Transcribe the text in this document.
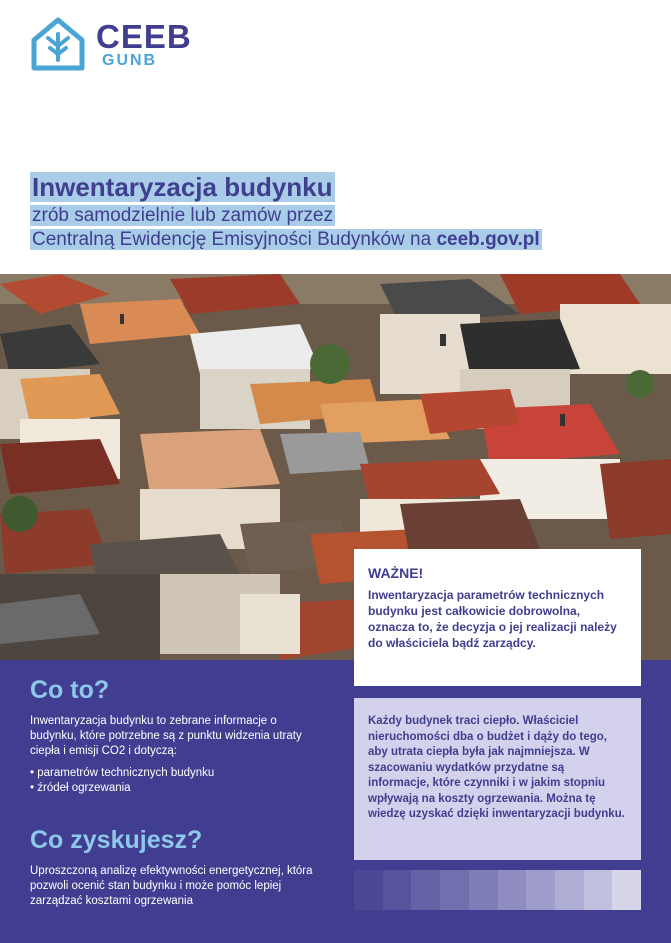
CEEB
GUNB
Inwentaryzacja budynku
zrób samodzielnie lub zamów przez
Centralną Ewidencję Emisyjności Budynków na ceeb.gov.pl
Co to?

Inwentaryzacja budynku to zebrane informacje o budynku, które potrzebne są z punktu widzenia utraty ciepła i emisji CO2 i dotyczą:

• parametrów technicznych budynku
• źródeł ogrzewania
Co zyskujesz?

Uproszczoną analizę efektywności energetycznej, która pozwoli ocenić stan budynku i może pomóc lepiej zarządzać kosztami ogrzewania

WAŻNE!

Inwentaryzacja parametrów technicznych budynku jest całkowicie dobrowolna, oznacza to, że decyzja o jej realizacji należy do właściciela bądź zarządcy.

Każdy budynek traci ciepło. Właściciel nieruchomości dba o budżet i dąży do tego, aby utrata ciepła była jak najmniejsza. W szacowaniu wydatków przydatne są informacje, które czynniki i w jakim stopniu wpływają na koszty ogrzewania. Można tę wiedzę uzyskać dzięki inwentaryzacji budynku.
